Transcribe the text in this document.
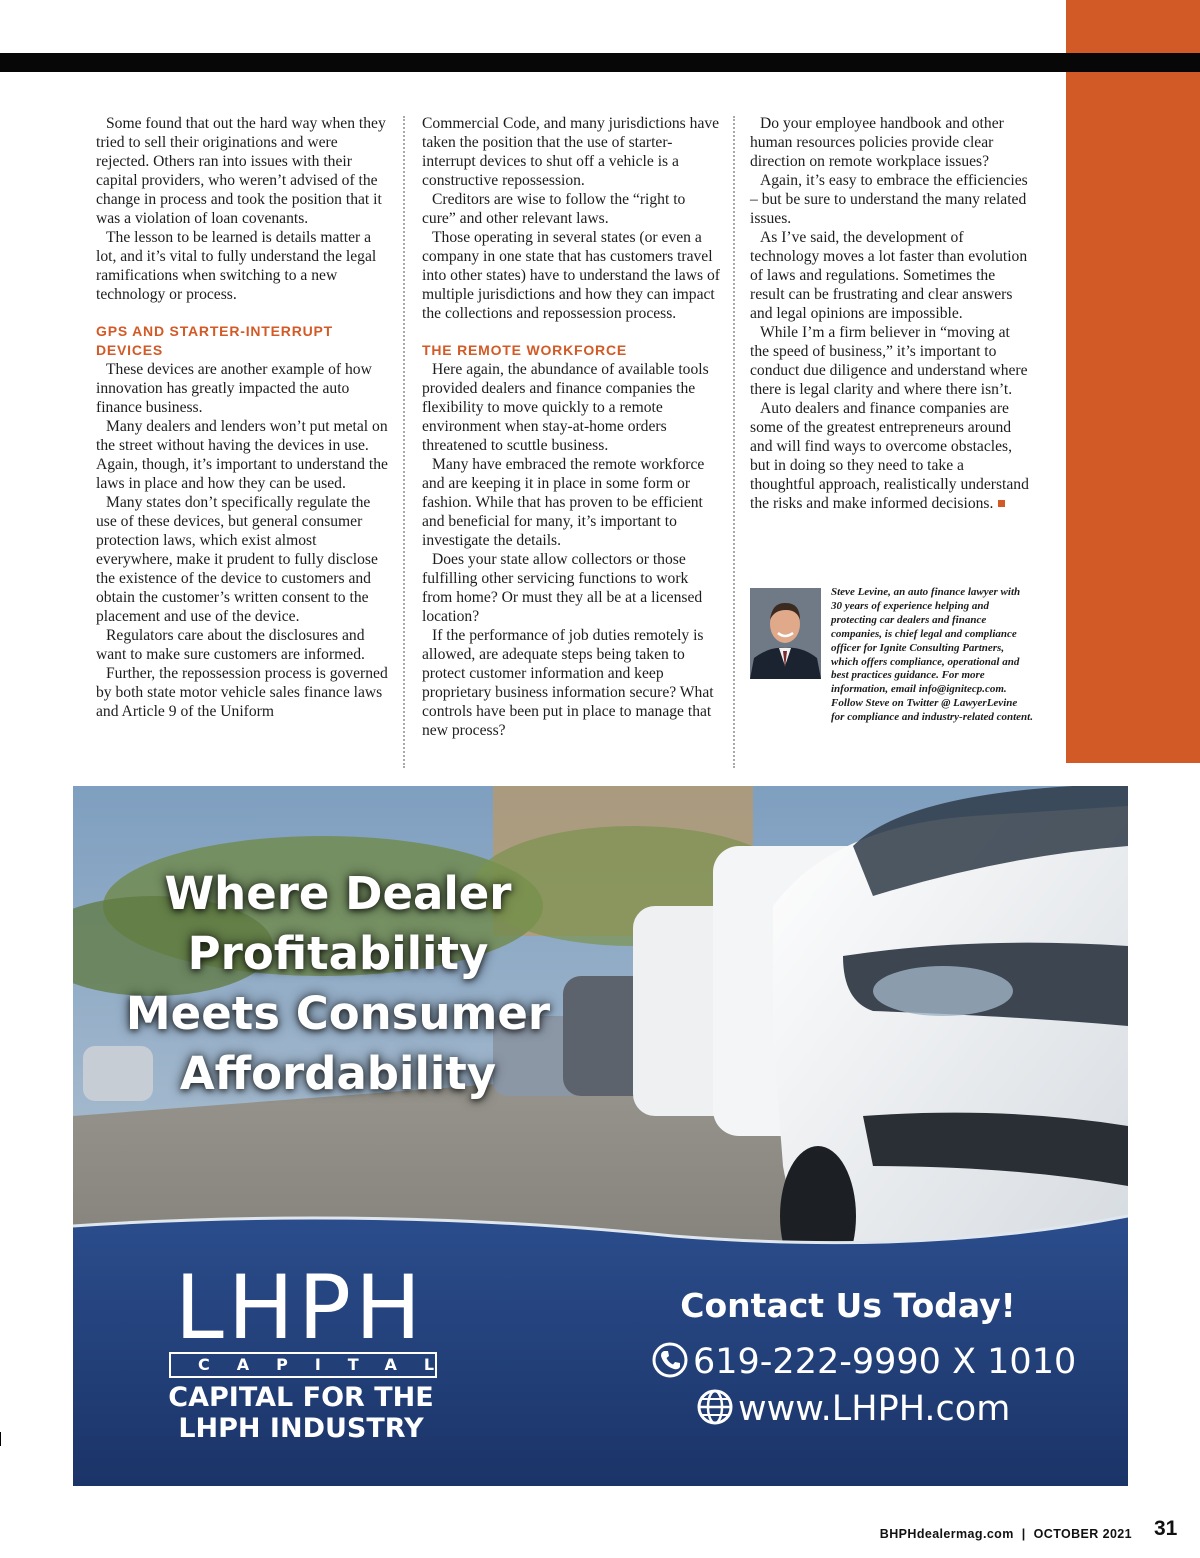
Some found that out the hard way when they tried to sell their originations and were rejected. Others ran into issues with their capital providers, who weren’t advised of the change in process and took the position that it was a violation of loan covenants.

The lesson to be learned is details matter a lot, and it’s vital to fully understand the legal ramifications when switching to a new technology or process.

GPS AND STARTER-INTERRUPT DEVICES

These devices are another example of how innovation has greatly impacted the auto finance business.

Many dealers and lenders won’t put metal on the street without having the devices in use. Again, though, it’s important to understand the laws in place and how they can be used.

Many states don’t specifically regulate the use of these devices, but general consumer protection laws, which exist almost everywhere, make it prudent to fully disclose the existence of the device to customers and obtain the customer’s written consent to the placement and use of the device.

Regulators care about the disclosures and want to make sure customers are informed.

Further, the repossession process is governed by both state motor vehicle sales finance laws and Article 9 of the Uniform

Commercial Code, and many jurisdictions have taken the position that the use of starter-interrupt devices to shut off a vehicle is a constructive repossession.

Creditors are wise to follow the “right to cure” and other relevant laws.

Those operating in several states (or even a company in one state that has customers travel into other states) have to understand the laws of multiple jurisdictions and how they can impact the collections and repossession process.

THE REMOTE WORKFORCE

Here again, the abundance of available tools provided dealers and finance companies the flexibility to move quickly to a remote environment when stay-at-home orders threatened to scuttle business.

Many have embraced the remote workforce and are keeping it in place in some form or fashion. While that has proven to be efficient and beneficial for many, it’s important to investigate the details.

Does your state allow collectors or those fulfilling other servicing functions to work from home? Or must they all be at a licensed location?

If the performance of job duties remotely is allowed, are adequate steps being taken to protect customer information and keep proprietary business information secure? What controls have been put in place to manage that new process?

Do your employee handbook and other human resources policies provide clear direction on remote workplace issues?

Again, it’s easy to embrace the efficiencies – but be sure to understand the many related issues.

As I’ve said, the development of technology moves a lot faster than evolution of laws and regulations. Sometimes the result can be frustrating and clear answers and legal opinions are impossible.

While I’m a firm believer in “moving at the speed of business,” it’s important to conduct due diligence and understand where there is legal clarity and where there isn’t.

Auto dealers and finance companies are some of the greatest entrepreneurs around and will find ways to overcome obstacles, but in doing so they need to take a thoughtful approach, realistically understand the risks and make informed decisions.

Steve Levine, an auto finance lawyer with 30 years of experience helping and protecting car dealers and finance companies, is chief legal and compliance officer for Ignite Consulting Partners, which offers compliance, operational and best practices guidance. For more information, email info@ignitecp.com. Follow Steve on Twitter @ LawyerLevine for compliance and industry-related content.
Where Dealer
Profitability
Meets Consumer
Affordability
LHPH
CAPITAL
CAPITAL FOR THE
LHPH INDUSTRY
Contact Us Today!
619-222-9990 X 1010
www.LHPH.com
BHPHdealermag.com | OCTOBER 2021 31
